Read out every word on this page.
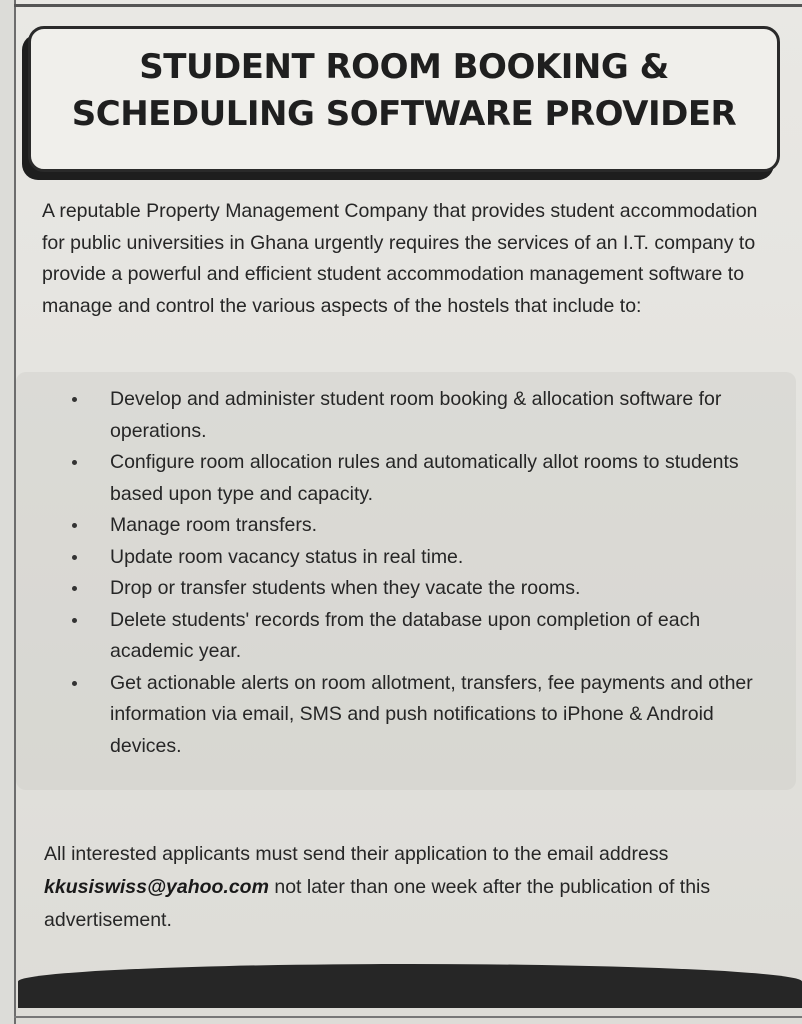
STUDENT ROOM BOOKING &
SCHEDULING SOFTWARE PROVIDER

A reputable Property Management Company that provides student accommodation for public universities in Ghana urgently requires the services of an I.T. company to provide a powerful and efficient student accommodation management software to manage and control the various aspects of the hostels that include to:

Develop and administer student room booking & allocation software for operations.
Configure room allocation rules and automatically allot rooms to students based upon type and capacity.
Manage room transfers.
Update room vacancy status in real time.
Drop or transfer students when they vacate the rooms.
Delete students' records from the database upon completion of each academic year.
Get actionable alerts on room allotment, transfers, fee payments and other information via email, SMS and push notifications to iPhone & Android devices.

All interested applicants must send their application to the email address kkusiswiss@yahoo.com not later than one week after the publication of this advertisement.
